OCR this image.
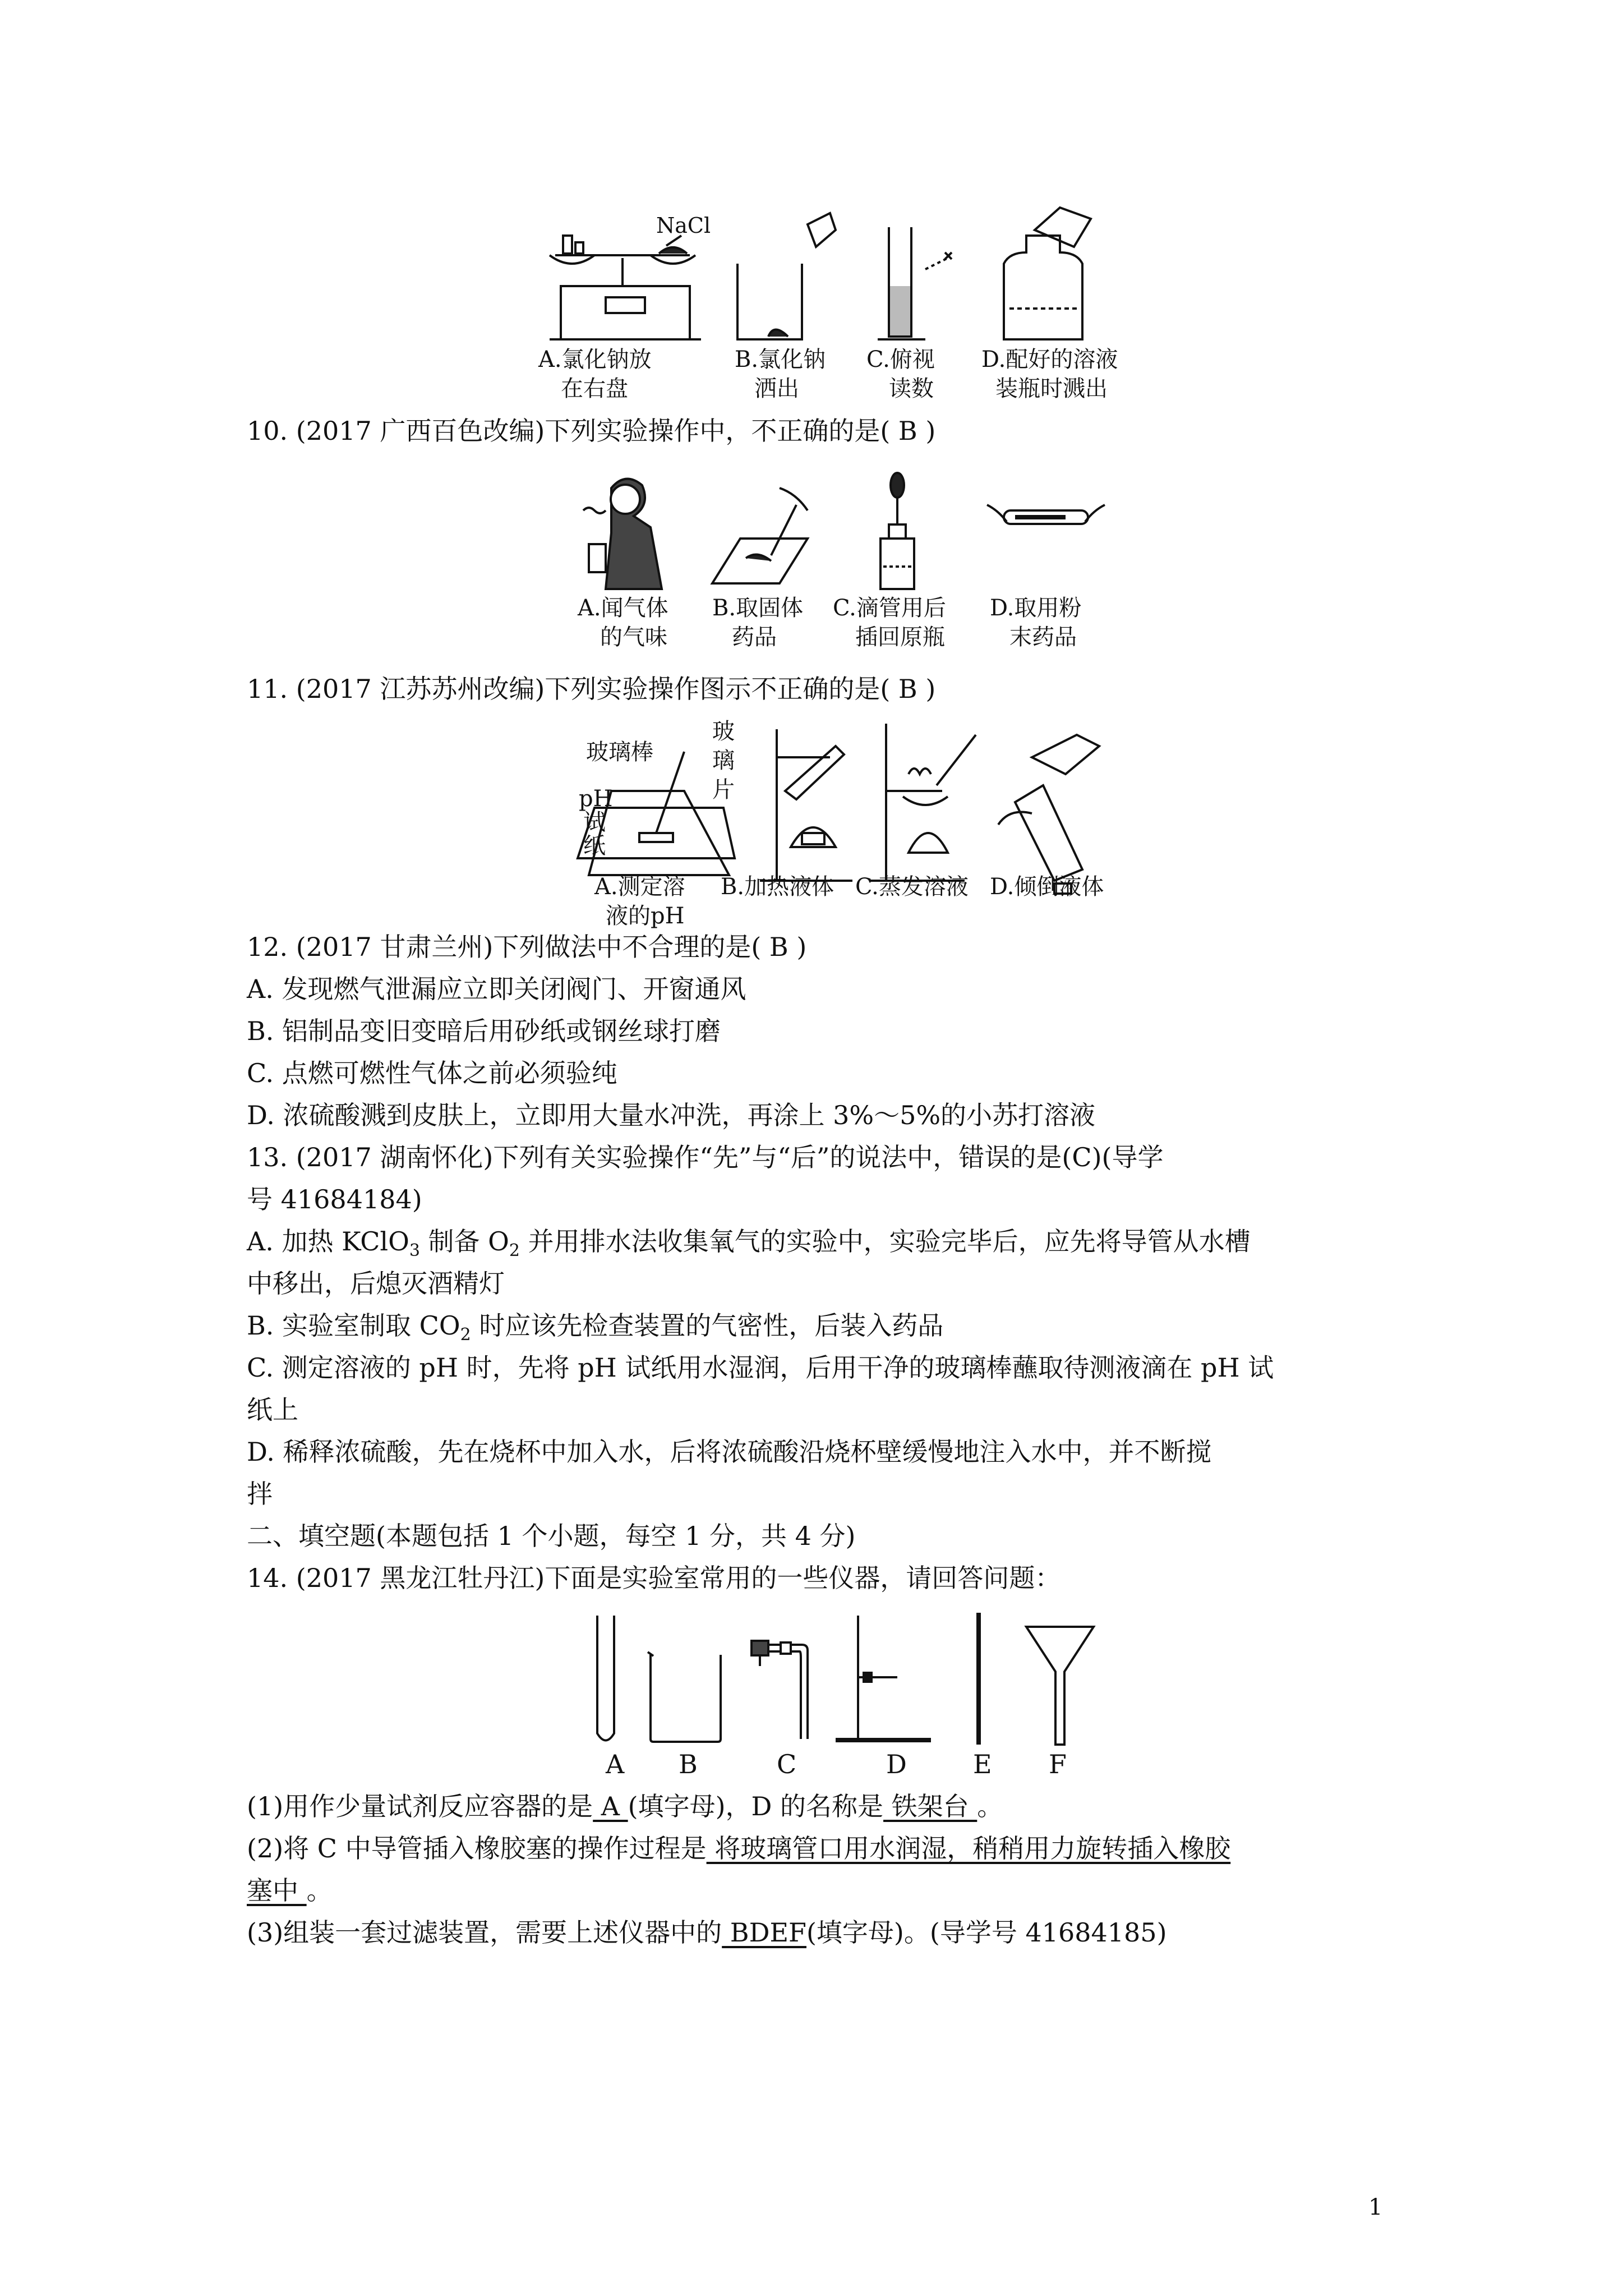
NaCl
A.氯化钠放
在右盘
B.氯化钠
洒出
C.俯视
读数
D.配好的溶液
装瓶时溅出
10. (2017 广西百色改编)下列实验操作中，不正确的是( B )
A.闻气体
的气味
B.取固体
药品
C.滴管用后
插回原瓶
D.取用粉
末药品
11. (2017 江苏苏州改编)下列实验操作图示不正确的是( B )
玻璃棒
玻
璃
片
pH
试
纸
A.测定溶
液的pH
B.加热液体 C.蒸发溶液 D.倾倒液体
12. (2017 甘肃兰州)下列做法中不合理的是( B )
A. 发现燃气泄漏应立即关闭阀门、开窗通风
B. 铝制品变旧变暗后用砂纸或钢丝球打磨
C. 点燃可燃性气体之前必须验纯
D. 浓硫酸溅到皮肤上，立即用大量水冲洗，再涂上 3%～5%的小苏打溶液
13. (2017 湖南怀化)下列有关实验操作“先”与“后”的说法中，错误的是(C)(导学
号 41684184)
A. 加热 KClO$_3$ 制备 $O_2$ 并用排水法收集氧气的实验中，实验完毕后，应先将导管从水槽
中移出，后熄灭酒精灯
B. 实验室制取 $CO_2$ 时应该先检查装置的气密性，后装入药品
C. 测定溶液的 pH 时，先将 pH 试纸用水湿润，后用干净的玻璃棒蘸取待测液滴在 pH 试
纸上
D. 稀释浓硫酸，先在烧杯中加入水，后将浓硫酸沿烧杯壁缓慢地注入水中，并不断搅
拌
二、填空题(本题包括 1 个小题，每空 1 分，共 4 分)
14. (2017 黑龙江牡丹江)下面是实验室常用的一些仪器，请回答问题：
A B	C	D	E F
(1)用作少量试剂反应容器的是 A (填字母)，D 的名称是 铁架台 。
(2)将 C 中导管插入橡胶塞的操作过程是 将玻璃管口用水润湿，稍稍用力旋转插入橡胶
塞中 。
(3)组装一套过滤装置，需要上述仪器中的 BDEF(填字母)。(导学号 41684185)
1
